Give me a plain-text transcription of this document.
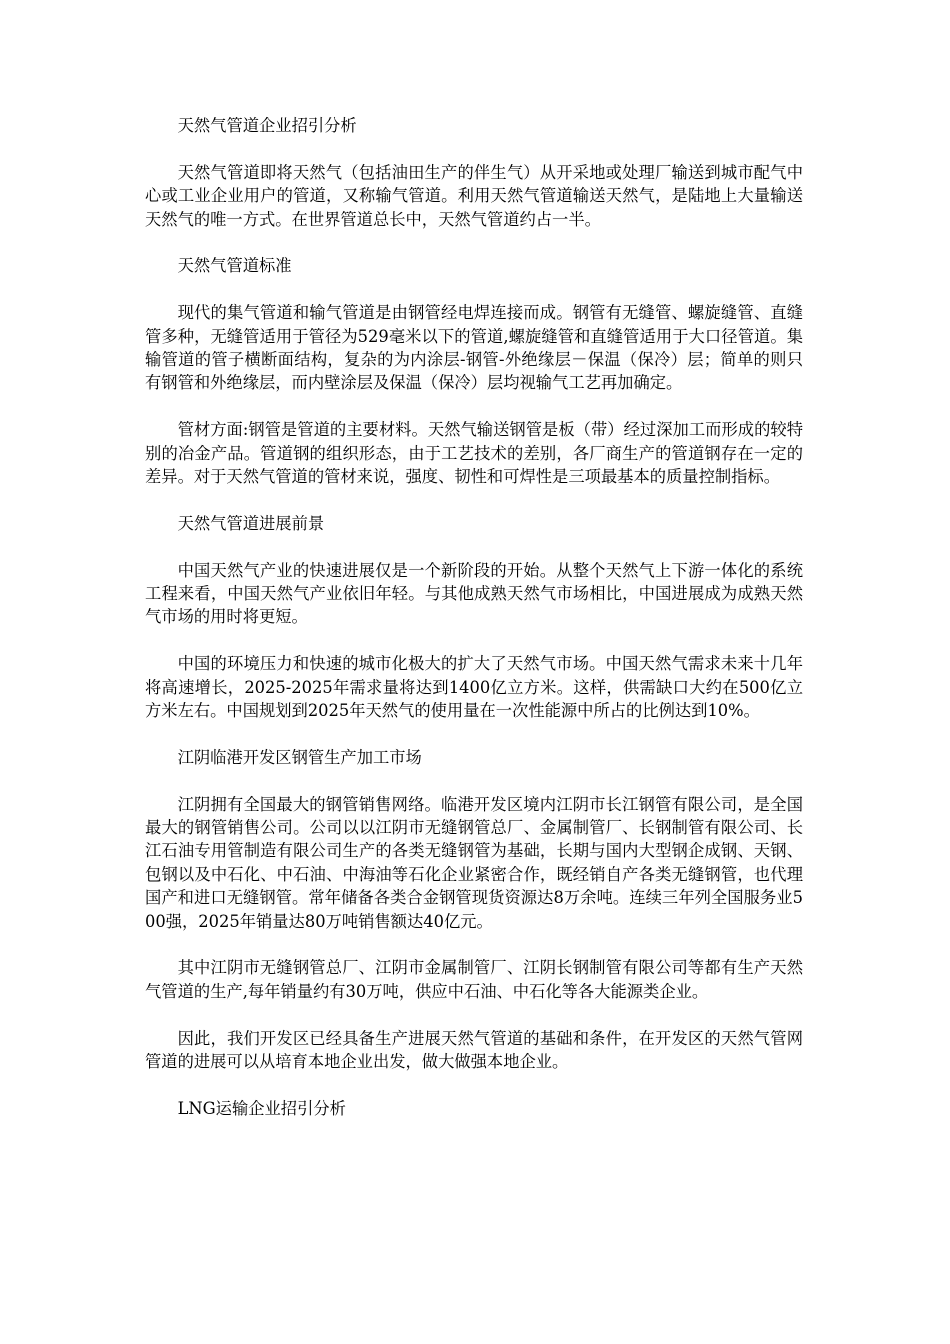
天然气管道企业招引分析

天然气管道即将天然气（包括油田生产的伴生气）从开采地或处理厂输送到城市配气中心或工业企业用户的管道，又称输气管道。利用天然气管道输送天然气，是陆地上大量输送天然气的唯一方式。在世界管道总长中，天然气管道约占一半。

天然气管道标准

现代的集气管道和输气管道是由钢管经电焊连接而成。钢管有无缝管、螺旋缝管、直缝管多种，无缝管适用于管径为529毫米以下的管道,螺旋缝管和直缝管适用于大口径管道。集输管道的管子横断面结构，复杂的为内涂层-钢管-外绝缘层－保温（保冷）层；简单的则只有钢管和外绝缘层，而内壁涂层及保温（保冷）层均视输气工艺再加确定。

管材方面:钢管是管道的主要材料。天然气输送钢管是板（带）经过深加工而形成的较特别的冶金产品。管道钢的组织形态，由于工艺技术的差别，各厂商生产的管道钢存在一定的差异。对于天然气管道的管材来说，强度、韧性和可焊性是三项最基本的质量控制指标。

天然气管道进展前景

中国天然气产业的快速进展仅是一个新阶段的开始。从整个天然气上下游一体化的系统工程来看，中国天然气产业依旧年轻。与其他成熟天然气市场相比，中国进展成为成熟天然气市场的用时将更短。

中国的环境压力和快速的城市化极大的扩大了天然气市场。中国天然气需求未来十几年将高速增长，2025-2025年需求量将达到1400亿立方米。这样，供需缺口大约在500亿立方米左右。中国规划到2025年天然气的使用量在一次性能源中所占的比例达到10%。

江阴临港开发区钢管生产加工市场

江阴拥有全国最大的钢管销售网络。临港开发区境内江阴市长江钢管有限公司，是全国最大的钢管销售公司。公司以以江阴市无缝钢管总厂、金属制管厂、长钢制管有限公司、长江石油专用管制造有限公司生产的各类无缝钢管为基础，长期与国内大型钢企成钢、天钢、包钢以及中石化、中石油、中海油等石化企业紧密合作，既经销自产各类无缝钢管，也代理国产和进口无缝钢管。常年储备各类合金钢管现货资源达8万余吨。连续三年列全国服务业500强，2025年销量达80万吨销售额达40亿元。

其中江阴市无缝钢管总厂、江阴市金属制管厂、江阴长钢制管有限公司等都有生产天然气管道的生产,每年销量约有30万吨，供应中石油、中石化等各大能源类企业。

因此，我们开发区已经具备生产进展天然气管道的基础和条件，在开发区的天然气管网管道的进展可以从培育本地企业出发，做大做强本地企业。

LNG运输企业招引分析
